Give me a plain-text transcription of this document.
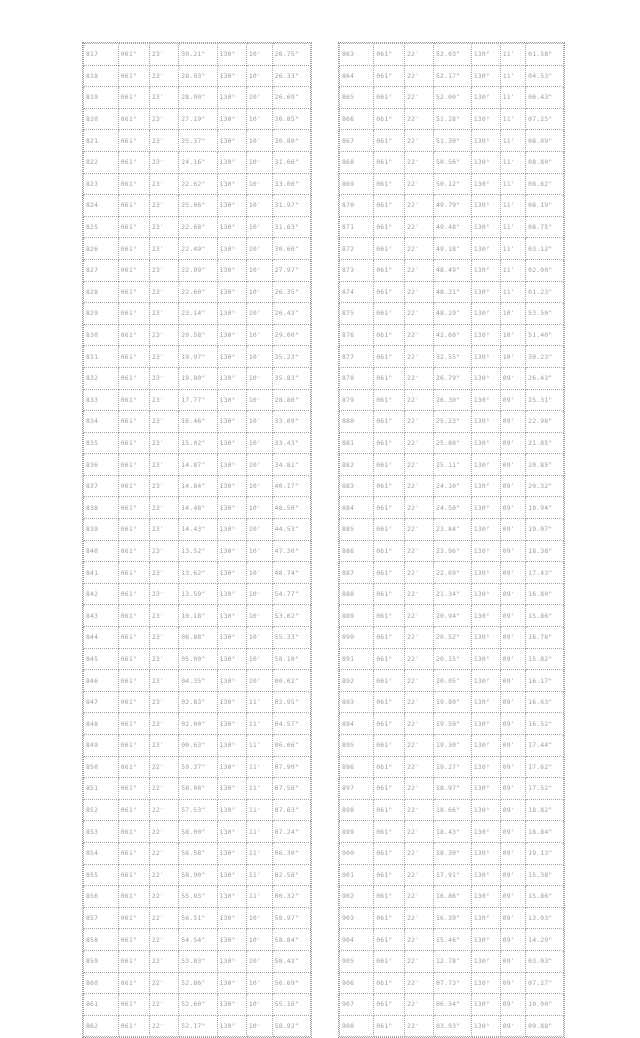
817	061°	23'	30.21"	130°	10'	26.75"
818	061°	23'	28.93"	130°	10'	26.33"
819	061°	23'	28.00"	130°	10'	26.69"
820	061°	23'	27.19"	130°	10'	26.85"
821	061°	23'	25.37"	130°	10'	30.80"
822	061°	23'	24.16"	130°	10'	31.66"
823	061°	23'	22.62"	130°	10'	33.06"
824	061°	23'	25.06"	130°	10'	31.97"
825	061°	23'	22.68"	130°	10'	31.63"
826	061°	23'	22.49"	130°	10'	30.60"
827	061°	23'	22.99"	130°	10'	27.97"
828	061°	23'	22.60"	130°	10'	26.35"
829	061°	23'	23.14"	130°	10'	26.43"
830	061°	23'	20.58"	130°	10'	29.00"
831	061°	23'	19.97"	130°	10'	35.23"
832	061°	23'	19.80"	130°	10'	35.83"
833	061°	23'	17.77"	130°	10'	28.86"
834	061°	23'	16.46"	130°	10'	33.09"
835	061°	23'	15.02"	130°	10'	33.43"
836	061°	23'	14.87"	130°	10'	34.81"
837	061°	23'	14.84"	130°	10'	40.17"
838	061°	23'	14.48"	130°	10'	48.50"
839	061°	23'	14.43"	130°	10'	44.53"
840	061°	23'	13.52"	130°	10'	47.30"
841	061°	23'	13.62"	130°	10'	48.74"
842	061°	23'	13.59"	130°	10'	54.77"
843	061°	23'	10.18"	130°	10'	53.62"
844	061°	23'	08.88"	130°	10'	55.33"
845	061°	23'	05.00"	130°	10'	58.10"
846	061°	23'	04.35"	130°	10'	00.02"
847	061°	23'	02.83"	130°	11'	02.95"
848	061°	23'	02.00"	130°	11'	04.57"
849	061°	23'	00.63"	130°	11'	06.06"
850	061°	22'	59.37"	130°	11'	07.90"
851	061°	22'	58.08"	130°	11'	07.58"
852	061°	22'	57.53"	130°	11'	07.63"
853	061°	22'	58.00"	130°	11'	07.24"
854	061°	22'	56.58"	130°	11'	06.30"
855	061°	22'	58.90"	130°	11'	02.58"
856	061°	22'	55.93"	130°	11'	00.32"
857	061°	22'	56.51"	130°	10'	58.97"
858	061°	22'	54.54"	130°	10'	58.84"
859	061°	22'	53.83"	130°	10'	58.42"
860	061°	22'	52.86"	130°	10'	56.69"
861	061°	22'	52.60"	130°	10'	55.16"
862	061°	22'	52.17"	130°	10'	58.92"
863	061°	22'	52.03"	130°	11'	01.58"
864	061°	22'	52.17"	130°	11'	04.53"
865	061°	22'	52.00"	130°	11'	06.43"
866	061°	22'	51.28"	130°	11'	07.25"
867	061°	22'	51.30"	130°	11'	08.09"
868	061°	22'	50.56"	130°	11'	08.80"
869	061°	22'	50.12"	130°	11'	08.62"
870	061°	22'	49.79"	130°	11'	08.19"
871	061°	22'	49.48"	130°	11'	08.75"
872	061°	22'	49.18"	130°	11'	03.12"
873	061°	22'	48.49"	130°	11'	02.00"
874	061°	22'	48.21"	130°	11'	01.23"
875	061°	22'	48.29"	130°	10'	53.50"
876	061°	22'	42.60"	130°	10'	51.40"
877	061°	22'	32.55"	130°	10'	30.23"
878	061°	22'	26.79"	130°	09'	26.43"
879	061°	22'	26.30"	130°	09'	25.31"
880	061°	22'	25.23"	130°	09'	22.96"
881	061°	22'	25.80"	130°	09'	21.85"
882	061°	22'	25.11"	130°	09'	20.85"
883	061°	22'	24.10"	130°	09'	20.32"
884	061°	22'	24.50"	130°	09'	19.94"
885	061°	22'	23.84"	130°	09'	19.07"
886	061°	22'	23.96"	130°	09'	18.38"
887	061°	22'	22.69"	130°	09'	17.43"
888	061°	22'	21.34"	130°	09'	16.80"
889	061°	22'	20.94"	130°	09'	15.86"
890	061°	22'	20.52"	130°	09'	16.76"
891	061°	22'	20.15"	130°	09'	15.82"
892	061°	22'	20.05"	130°	09'	16.17"
893	061°	22'	19.80"	130°	09'	16.63"
894	061°	22'	19.59"	130°	09'	16.52"
895	061°	22'	19.30"	130°	09'	17.44"
896	061°	22'	19.27"	130°	09'	17.62"
897	061°	22'	18.97"	130°	09'	17.52"
898	061°	22'	18.66"	130°	09'	18.82"
899	061°	22'	18.43"	130°	09'	18.84"
900	061°	22'	18.30"	130°	09'	19.13"
901	061°	22'	17.91"	130°	09'	15.38"
902	061°	22'	16.86"	130°	09'	15.86"
903	061°	22'	16.39"	130°	09'	13.03"
904	061°	22'	15.46"	130°	09'	14.29"
905	061°	22'	12.78"	130°	09'	03.03"
906	061°	22'	07.73"	130°	09'	07.27"
907	061°	22'	06.34"	130°	09'	10.00"
908	061°	22'	03.93"	130°	09'	09.88"
